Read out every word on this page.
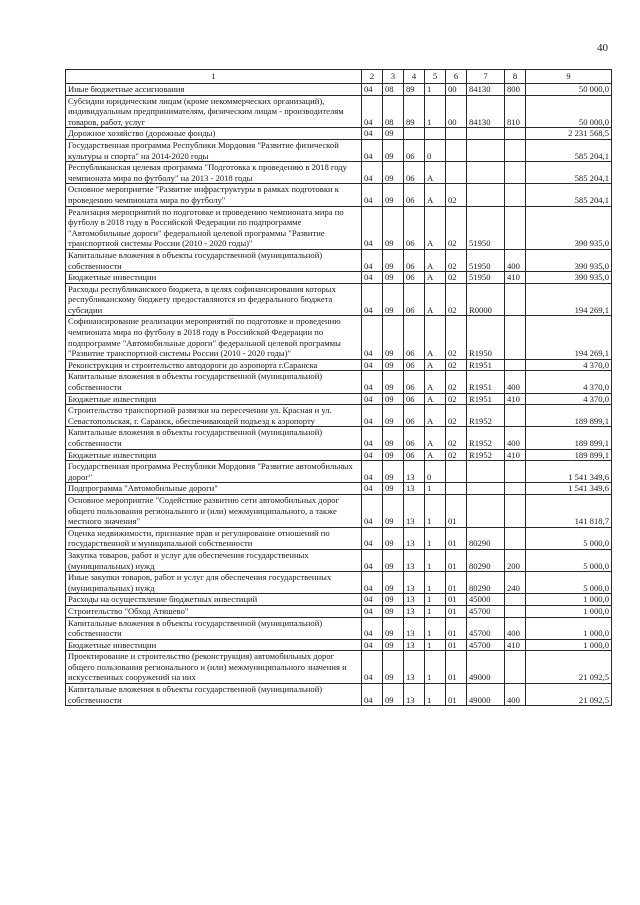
40
1	2	3	4	5	6	7	8	9
Иные бюджетные ассигнования	04	08	89	1	00	84130	800	50 000,0
Субсидии юридическим лицам (кроме некоммерческих организаций), индивидуальным предпринимателям, физическим лицам - производителям товаров, работ, услуг	04	08	89	1	00	84130	810	50 000,0
Дорожное хозяйство (дорожные фонды)	04	09						2 231 568,5
Государственная программа Республики Мордовия "Развитие физической культуры и спорта" на 2014-2020 годы	04	09	06	0				585 204,1
Республиканская целевая программа "Подготовка к проведению в 2018 году чемпионата мира по футболу" на 2013 - 2018 годы	04	09	06	А				585 204,1
Основное мероприятие "Развитие инфраструктуры в рамках подготовки к проведению чемпионата мира по футболу"	04	09	06	А	02			585 204,1
Реализация мероприятий по подготовке и проведению чемпионата мира по футболу в 2018 году в Российской Федерации по подпрограмме "Автомобильные дороги" федеральной целевой программы "Развитие транспортной системы России (2010 - 2020 годы)"	04	09	06	А	02	51950		390 935,0
Капитальные вложения в объекты государственной (муниципальной) собственности	04	09	06	А	02	51950	400	390 935,0
Бюджетные инвестиции	04	09	06	А	02	51950	410	390 935,0
Расходы республиканского бюджета, в целях софинансирования которых республиканскому бюджету предоставляются из федерального бюджета субсидии	04	09	06	А	02	R0000		194 269,1
Софинансирование реализации мероприятий по подготовке и проведению чемпионата мира по футболу в 2018 году в Российской Федерации по подпрограмме "Автомобильные дороги" федеральной целевой программы "Развитие транспортной системы России (2010 - 2020 годы)"	04	09	06	А	02	R1950		194 269,1
Реконструкция и строительство автодороги до аэропорта г.Саранска	04	09	06	А	02	R1951		4 370,0
Капитальные вложения в объекты государственной (муниципальной) собственности	04	09	06	А	02	R1951	400	4 370,0
Бюджетные инвестиции	04	09	06	А	02	R1951	410	4 370,0
Строительство транспортной развязки на пересечении ул. Красная и ул. Севастопольская, г. Саранск, обеспечивающей подъезд к аэропорту	04	09	06	А	02	R1952		189 899,1
Капитальные вложения в объекты государственной (муниципальной) собственности	04	09	06	А	02	R1952	400	189 899,1
Бюджетные инвестиции	04	09	06	А	02	R1952	410	189 899,1
Государственная программа Республики Мордовия "Развитие автомобильных дорог"	04	09	13	0				1 541 349,6
Подпрограмма "Автомобильные дороги"	04	09	13	1				1 541 349,6
Основное мероприятие "Содействие развитию сети автомобильных дорог общего пользования регионального и (или) межмуниципального, а также местного значения"	04	09	13	1	01			141 818,7
Оценка недвижимости, признание прав и регулирование отношений по государственной и муниципальной собственности	04	09	13	1	01	80290		5 000,0
Закупка товаров, работ и услуг для обеспечения государственных (муниципальных) нужд	04	09	13	1	01	80290	200	5 000,0
Иные закупки товаров, работ и услуг для обеспечения государственных (муниципальных) нужд	04	09	13	1	01	80290	240	5 000,0
Расходы на осуществление бюджетных инвестиций	04	09	13	1	01	45000		1 000,0
Строительство "Обход Атяшево"	04	09	13	1	01	45700		1 000,0
Капитальные вложения в объекты государственной (муниципальной) собственности	04	09	13	1	01	45700	400	1 000,0
Бюджетные инвестиции	04	09	13	1	01	45700	410	1 000,0
Проектирование и строительство (реконструкция) автомобильных дорог общего пользования регионального и (или) межмуниципального значения и искусственных сооружений на них	04	09	13	1	01	49000		21 092,5
Капитальные вложения в объекты государственной (муниципальной) собственности	04	09	13	1	01	49000	400	21 092,5
